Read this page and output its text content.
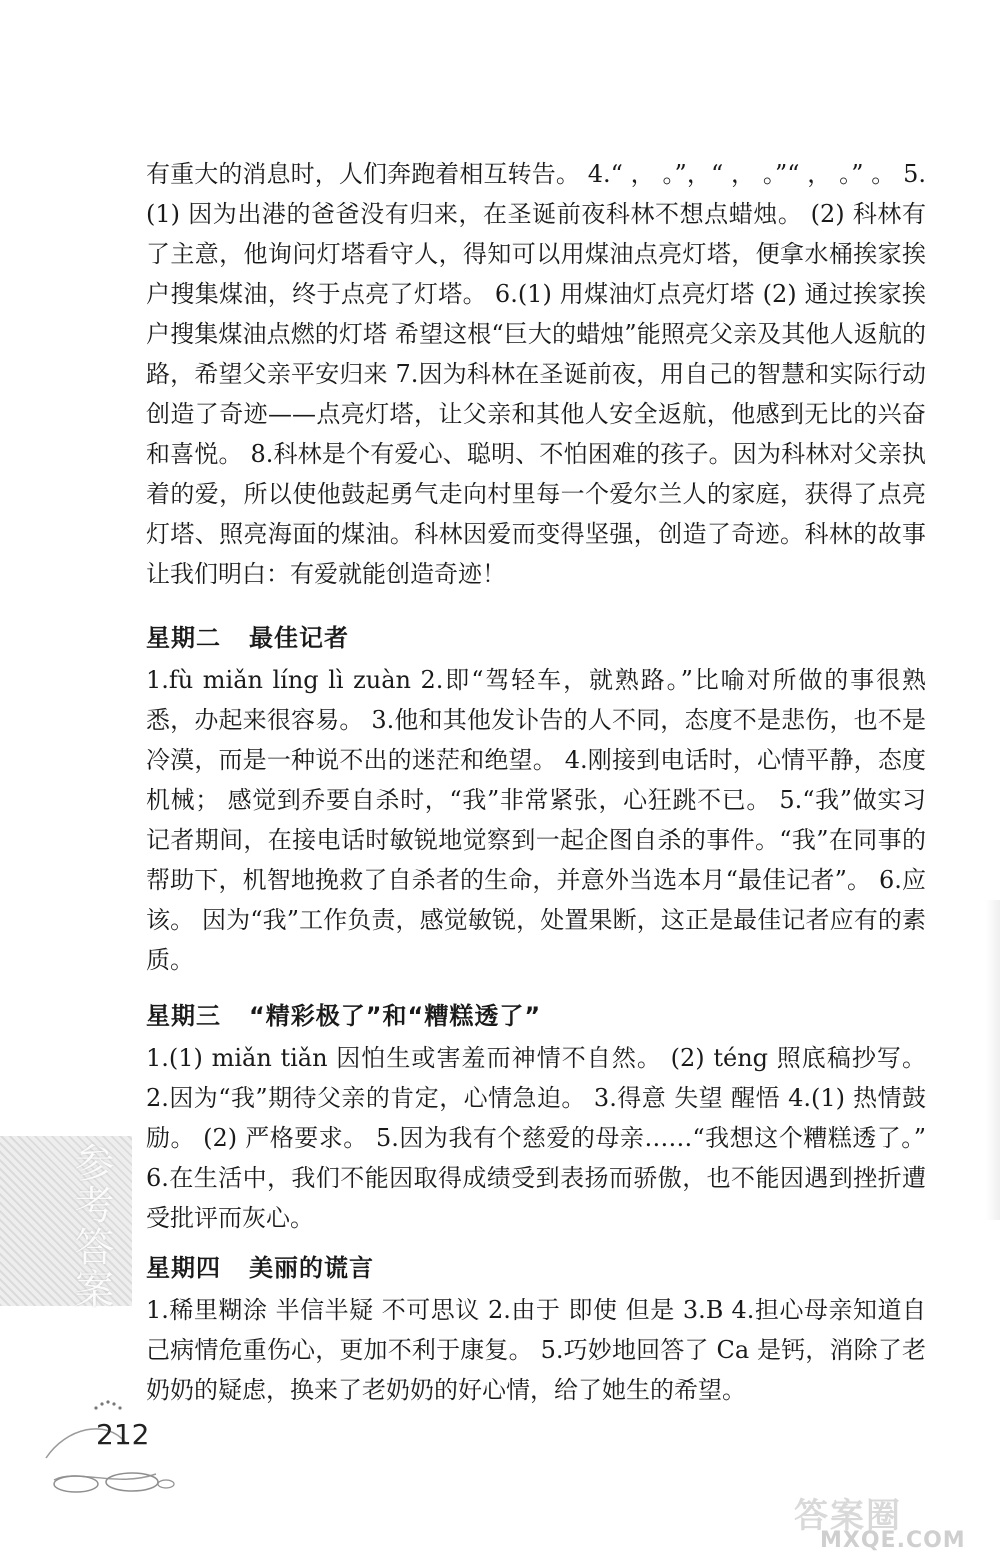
有重大的消息时，人们奔跑着相互转告。 4.“ ， 。”，“ ， 。”“ ， 。” 。 5.(1) 因为出港的爸爸没有归来，在圣诞前夜科林不想点蜡烛。 (2) 科林有了主意，他询问灯塔看守人，得知可以用煤油点亮灯塔，便拿水桶挨家挨户搜集煤油，终于点亮了灯塔。 6.(1) 用煤油灯点亮灯塔 (2) 通过挨家挨户搜集煤油点燃的灯塔 希望这根“巨大的蜡烛”能照亮父亲及其他人返航的路，希望父亲平安归来 7.因为科林在圣诞前夜，用自己的智慧和实际行动创造了奇迹——点亮灯塔，让父亲和其他人安全返航，他感到无比的兴奋和喜悦。 8.科林是个有爱心、聪明、不怕困难的孩子。因为科林对父亲执着的爱，所以使他鼓起勇气走向村里每一个爱尔兰人的家庭，获得了点亮灯塔、照亮海面的煤油。科林因爱而变得坚强，创造了奇迹。科林的故事让我们明白：有爱就能创造奇迹！

星期二 最佳记者

1.fù miǎn líng lì zuàn 2.即“驾轻车，就熟路。”比喻对所做的事很熟悉，办起来很容易。 3.他和其他发讣告的人不同，态度不是悲伤，也不是冷漠，而是一种说不出的迷茫和绝望。 4.刚接到电话时，心情平静，态度机械； 感觉到乔要自杀时，“我”非常紧张，心狂跳不已。 5.“我”做实习记者期间，在接电话时敏锐地觉察到一起企图自杀的事件。“我”在同事的帮助下，机智地挽救了自杀者的生命，并意外当选本月“最佳记者”。 6.应该。 因为“我”工作负责，感觉敏锐，处置果断，这正是最佳记者应有的素质。

星期三 “精彩极了”和“糟糕透了”

1.(1) miǎn tiǎn 因怕生或害羞而神情不自然。 (2) téng 照底稿抄写。 2.因为“我”期待父亲的肯定，心情急迫。 3.得意 失望 醒悟 4.(1) 热情鼓励。 (2) 严格要求。 5.因为我有个慈爱的母亲……“我想这个糟糕透了。” 6.在生活中，我们不能因取得成绩受到表扬而骄傲，也不能因遇到挫折遭受批评而灰心。

星期四 美丽的谎言

1.稀里糊涂 半信半疑 不可思议 2.由于 即使 但是 3.B 4.担心母亲知道自己病情危重伤心，更加不利于康复。 5.巧妙地回答了 Ca 是钙，消除了老奶奶的疑虑，换来了老奶奶的好心情，给了她生的希望。

参考答案
212
答案圈
MXQE.COM
